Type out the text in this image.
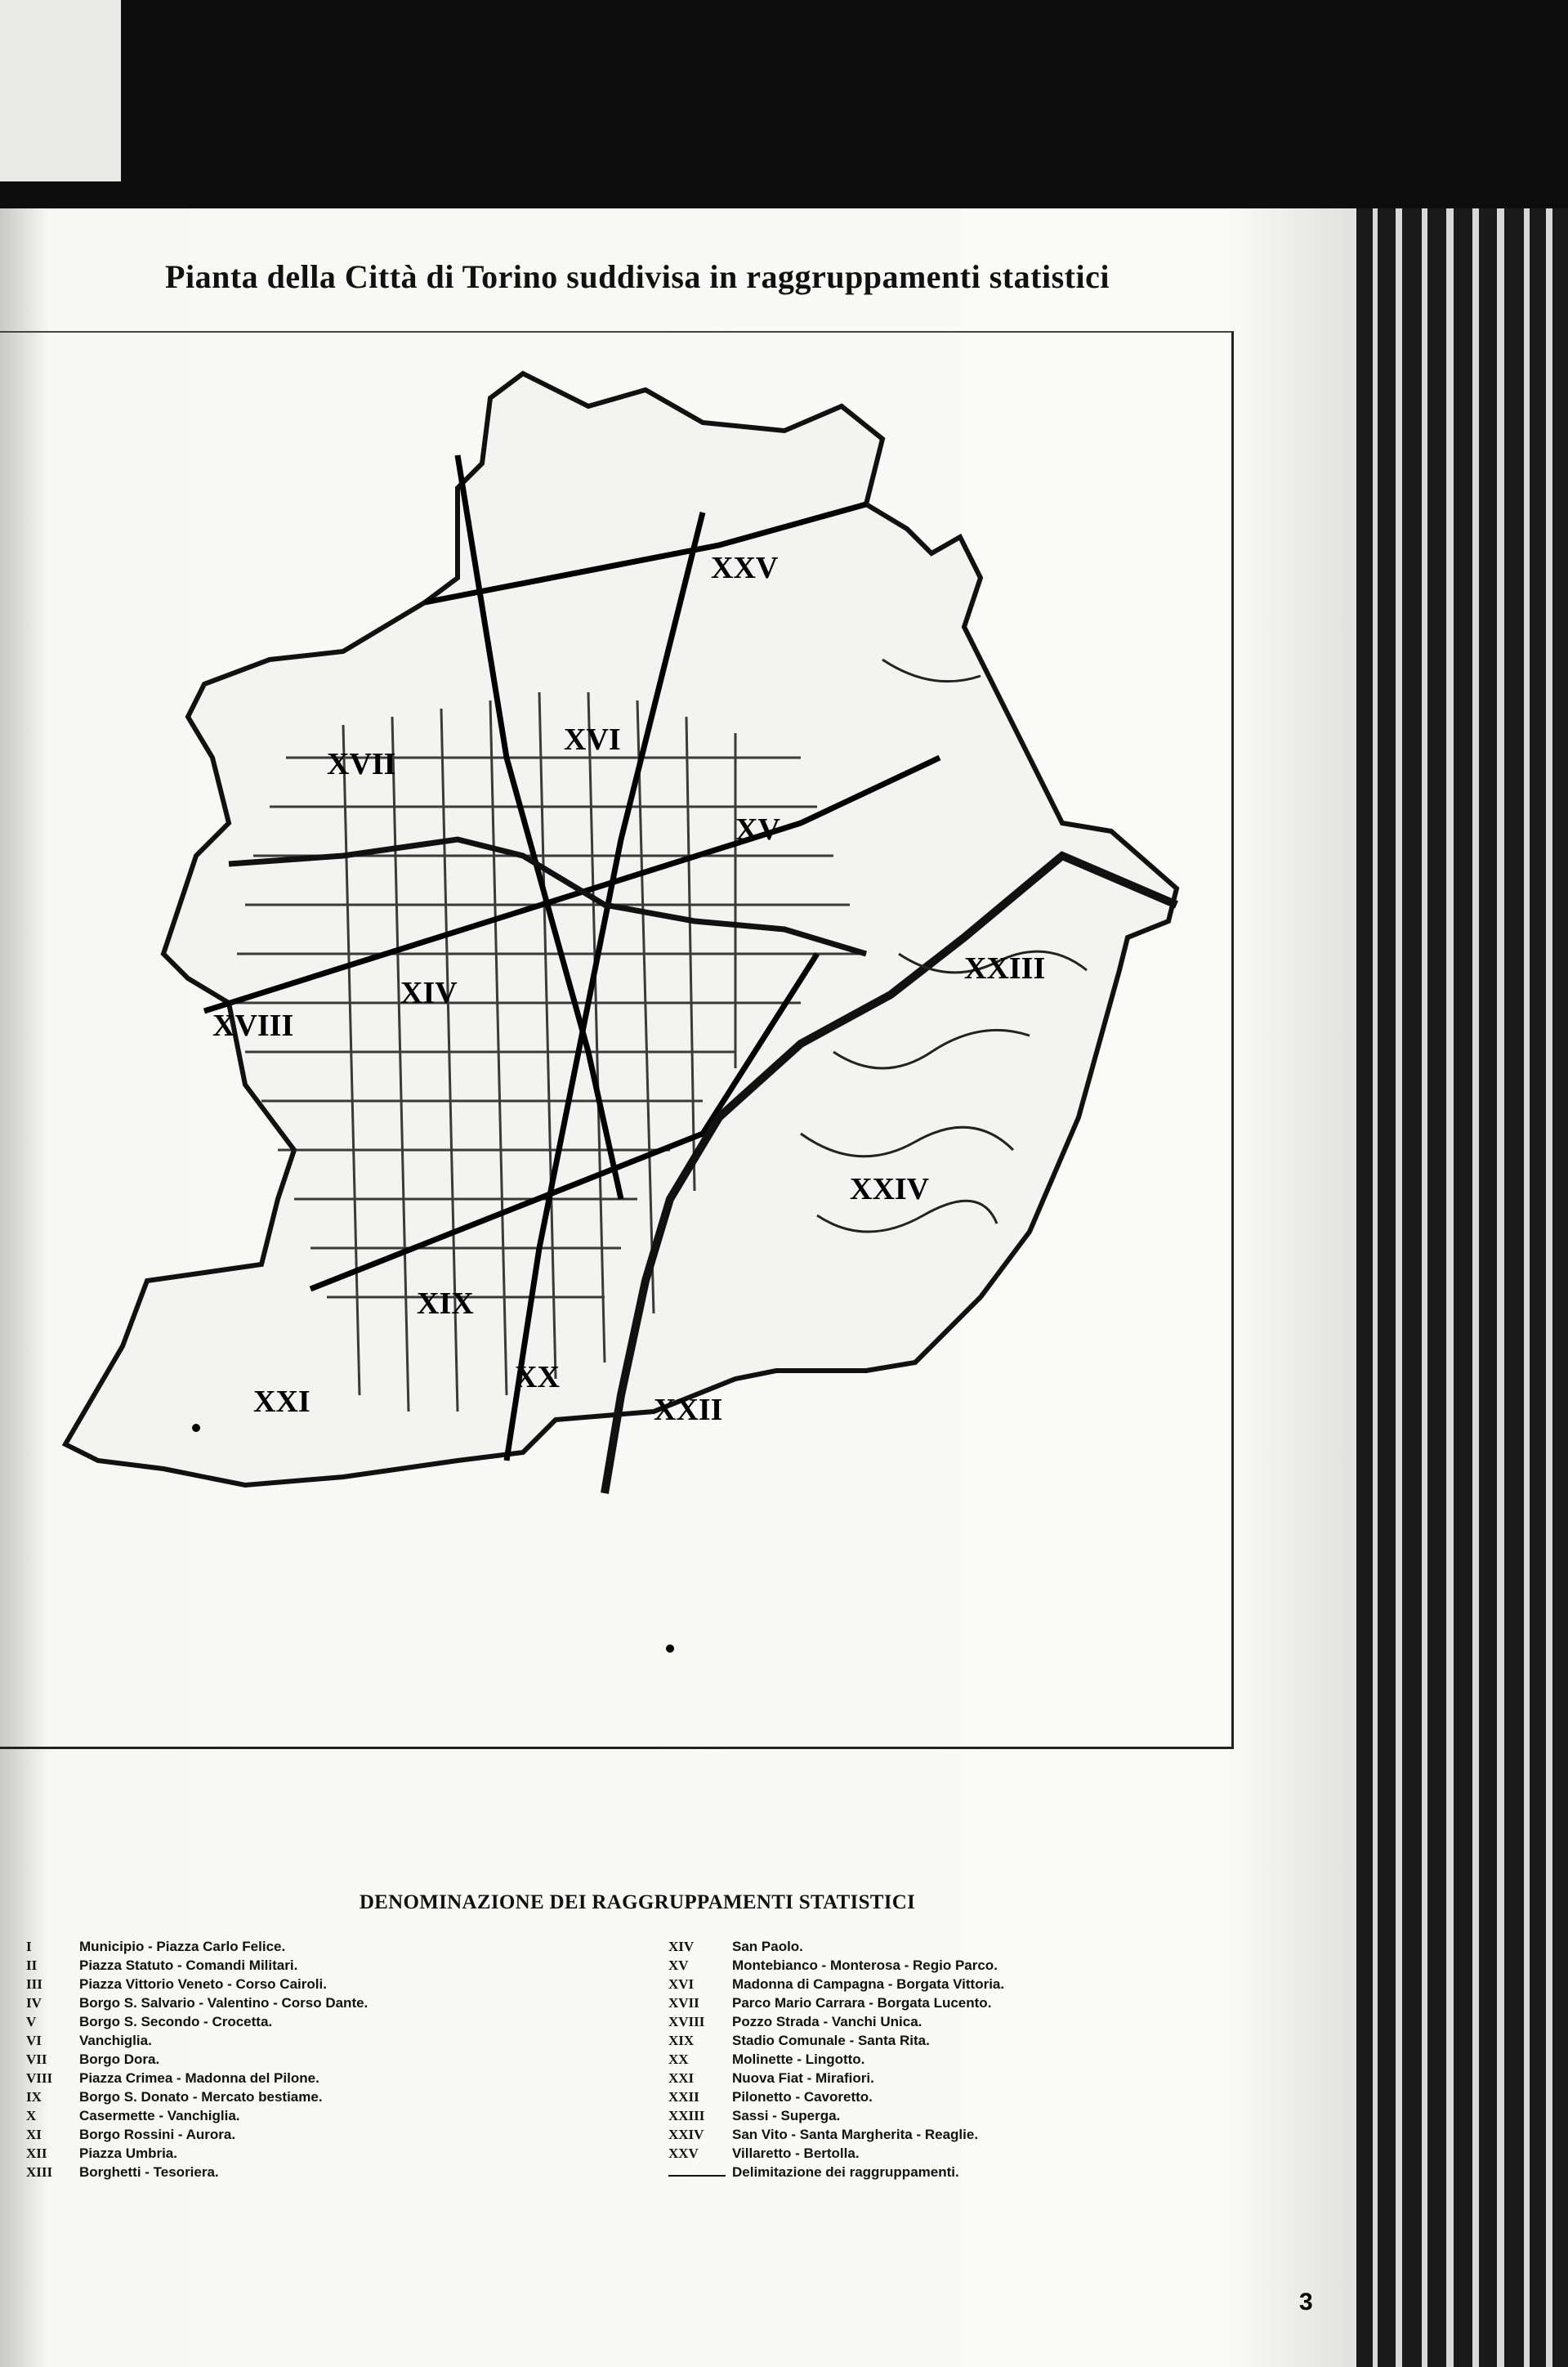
Pianta della Città di Torino suddivisa in raggruppamenti statistici
XXV
XVII
XVIII
XXIII
XVI
XV
XIV
XXII
XXIV
XXI
XIX
XX
DENOMINAZIONE DEI RAGGRUPPAMENTI STATISTICI
I	Municipio - Piazza Carlo Felice.
II	Piazza Statuto - Comandi Militari.
III	Piazza Vittorio Veneto - Corso Cairoli.
IV	Borgo S. Salvario - Valentino - Corso Dante.
V	Borgo S. Secondo - Crocetta.
VI	Vanchiglia.
VII	Borgo Dora.
VIII	Piazza Crimea - Madonna del Pilone.
IX	Borgo S. Donato - Mercato bestiame.
X	Casermette - Vanchiglia.
XI	Borgo Rossini - Aurora.
XII	Piazza Umbria.
XIII	Borghetti - Tesoriera.
XIV	San Paolo.
XV	Montebianco - Monterosa - Regio Parco.
XVI	Madonna di Campagna - Borgata Vittoria.
XVII	Parco Mario Carrara - Borgata Lucento.
XVIII	Pozzo Strada - Vanchi Unica.
XIX	Stadio Comunale - Santa Rita.
XX	Molinette - Lingotto.
XXI	Nuova Fiat - Mirafiori.
XXII	Pilonetto - Cavoretto.
XXIII	Sassi - Superga.
XXIV	San Vito - Santa Margherita - Reaglie.
XXV	Villaretto - Bertolla.
Delimitazione dei raggruppamenti.
3
